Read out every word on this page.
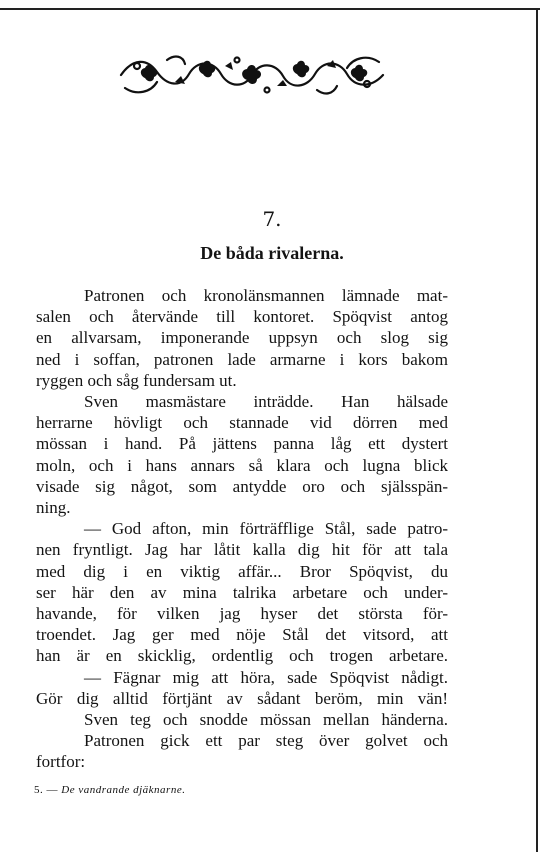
7.
De båda rivalerna.
Patronen och kronolänsmannen lämnade mat-
salen och återvände till kontoret. Spöqvist antog
en allvarsam, imponerande uppsyn och slog sig
ned i soffan, patronen lade armarne i kors bakom
ryggen och såg fundersam ut.
Sven masmästare inträdde. Han hälsade
herrarne hövligt och stannade vid dörren med
mössan i hand. På jättens panna låg ett dystert
moln, och i hans annars så klara och lugna blick
visade sig något, som antydde oro och själsspän-
ning.
— God afton, min förträfflige Stål, sade patro-
nen fryntligt. Jag har låtit kalla dig hit för att tala
med dig i en viktig affär... Bror Spöqvist, du
ser här den av mina talrika arbetare och under-
havande, för vilken jag hyser det största för-
troendet. Jag ger med nöje Stål det vitsord, att
han är en skicklig, ordentlig och trogen arbetare.
— Fägnar mig att höra, sade Spöqvist nådigt.
Gör dig alltid förtjänt av sådant beröm, min vän!
Sven teg och snodde mössan mellan händerna.
Patronen gick ett par steg över golvet och
fortfor:
5. — De vandrande djäknarne.
